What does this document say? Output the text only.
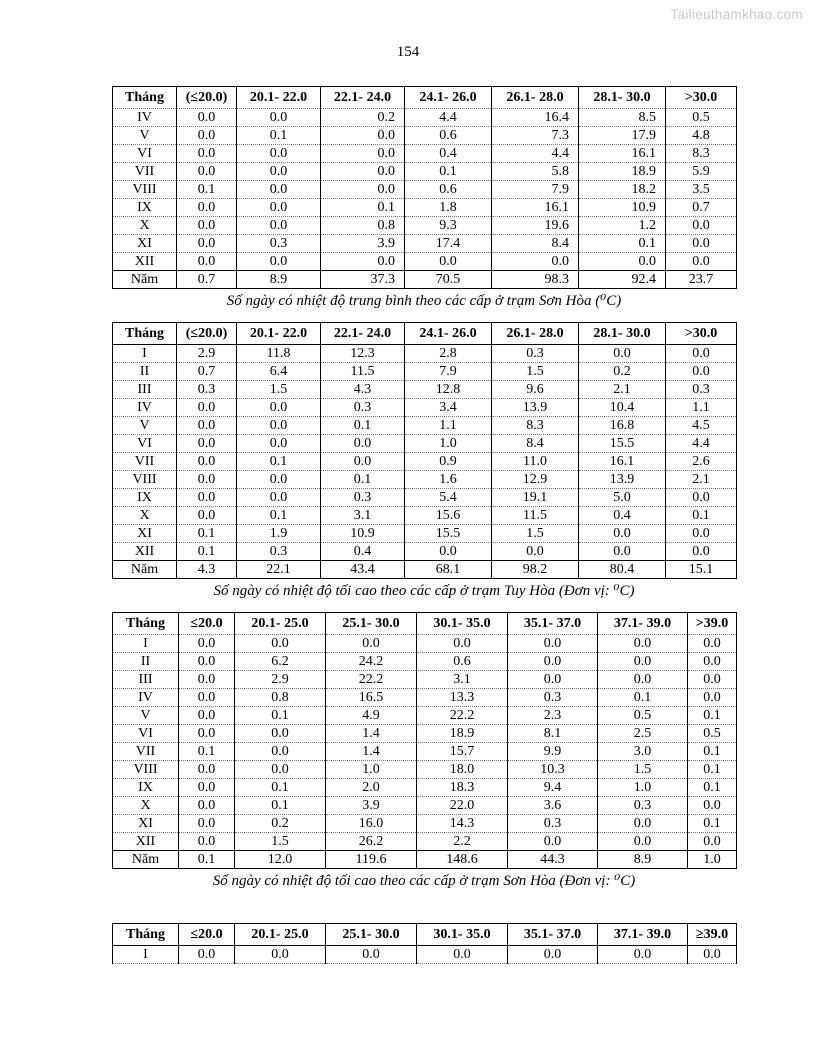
Tailieuthamkhao.com
154
Tháng	(≤20.0)	20.1- 22.0	22.1- 24.0	24.1- 26.0	26.1- 28.0	28.1- 30.0	>30.0
IV	0.0	0.0	0.2	4.4	16.4	8.5	0.5
V	0.0	0.1	0.0	0.6	7.3	17.9	4.8
VI	0.0	0.0	0.0	0.4	4.4	16.1	8.3
VII	0.0	0.0	0.0	0.1	5.8	18.9	5.9
VIII	0.1	0.0	0.0	0.6	7.9	18.2	3.5
IX	0.0	0.0	0.1	1.8	16.1	10.9	0.7
X	0.0	0.0	0.8	9.3	19.6	1.2	0.0
XI	0.0	0.3	3.9	17.4	8.4	0.1	0.0
XII	0.0	0.0	0.0	0.0	0.0	0.0	0.0
Năm	0.7	8.9	37.3	70.5	98.3	92.4	23.7
Số ngày có nhiệt độ trung bình theo các cấp ở trạm Sơn Hòa (⁰C)
Tháng	(≤20.0)	20.1- 22.0	22.1- 24.0	24.1- 26.0	26.1- 28.0	28.1- 30.0	>30.0
I	2.9	11.8	12.3	2.8	0.3	0.0	0.0
II	0.7	6.4	11.5	7.9	1.5	0.2	0.0
III	0.3	1.5	4.3	12.8	9.6	2.1	0.3
IV	0.0	0.0	0.3	3.4	13.9	10.4	1.1
V	0.0	0.0	0.1	1.1	8.3	16.8	4.5
VI	0.0	0.0	0.0	1.0	8.4	15.5	4.4
VII	0.0	0.1	0.0	0.9	11.0	16.1	2.6
VIII	0.0	0.0	0.1	1.6	12.9	13.9	2.1
IX	0.0	0.0	0.3	5.4	19.1	5.0	0.0
X	0.0	0.1	3.1	15.6	11.5	0.4	0.1
XI	0.1	1.9	10.9	15.5	1.5	0.0	0.0
XII	0.1	0.3	0.4	0.0	0.0	0.0	0.0
Năm	4.3	22.1	43.4	68.1	98.2	80.4	15.1
Số ngày có nhiệt độ tối cao theo các cấp ở trạm Tuy Hòa (Đơn vị: ⁰C)
Tháng	≤20.0	20.1- 25.0	25.1- 30.0	30.1- 35.0	35.1- 37.0	37.1- 39.0	>39.0
I	0.0	0.0	0.0	0.0	0.0	0.0	0.0
II	0.0	6.2	24.2	0.6	0.0	0.0	0.0
III	0.0	2.9	22.2	3.1	0.0	0.0	0.0
IV	0.0	0.8	16.5	13.3	0.3	0.1	0.0
V	0.0	0.1	4.9	22.2	2.3	0.5	0.1
VI	0.0	0.0	1.4	18.9	8.1	2.5	0.5
VII	0.1	0.0	1.4	15.7	9.9	3.0	0.1
VIII	0.0	0.0	1.0	18.0	10.3	1.5	0.1
IX	0.0	0.1	2.0	18.3	9.4	1.0	0.1
X	0.0	0.1	3.9	22.0	3.6	0.3	0.0
XI	0.0	0.2	16.0	14.3	0.3	0.0	0.1
XII	0.0	1.5	26.2	2.2	0.0	0.0	0.0
Năm	0.1	12.0	119.6	148.6	44.3	8.9	1.0
Số ngày có nhiệt độ tối cao theo các cấp ở trạm Sơn Hòa (Đơn vị: ⁰C)
Tháng	≤20.0	20.1- 25.0	25.1- 30.0	30.1- 35.0	35.1- 37.0	37.1- 39.0	≥39.0
I	0.0	0.0	0.0	0.0	0.0	0.0	0.0
